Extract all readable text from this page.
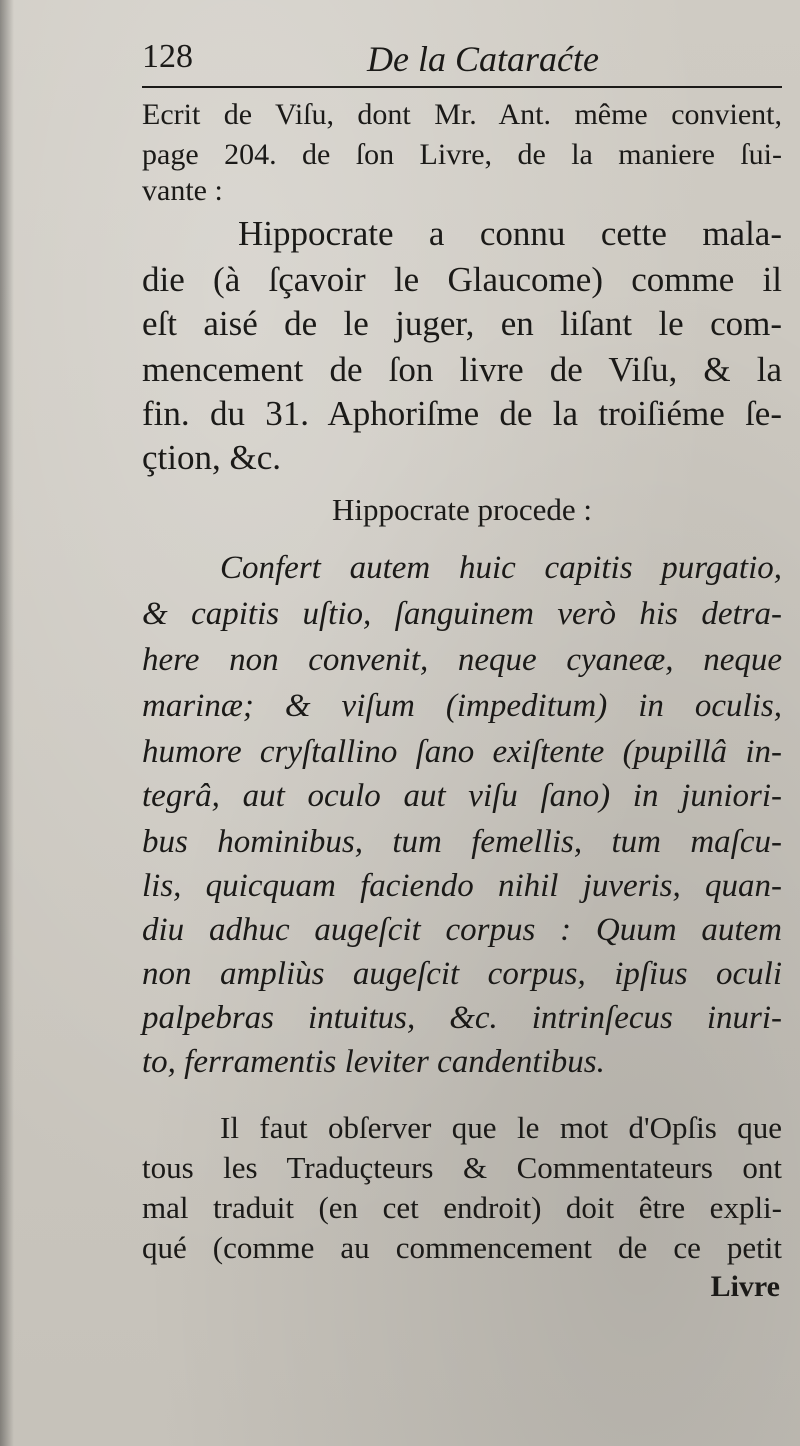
128	De la Cataraćte
Ecrit de Viſu, dont Mr. Ant. même convient,
page 204. de ſon Livre, de la maniere ſui-
vante :
Hippocrate a connu cette mala-
die (à ſçavoir le Glaucome) comme il
eſt aisé de le juger, en liſant le com-
mencement de ſon livre de Viſu, & la
fin. du 31. Aphoriſme de la troiſiéme ſe-
çtion, &c.
Hippocrate procede :
Confert autem huic capitis purgatio,
& capitis uſtio, ſanguinem verò his detra-
here non convenit, neque cyaneæ, neque
marinæ; & viſum (impeditum) in oculis,
humore cryſtallino ſano exiſtente (pupillâ in-
tegrâ, aut oculo aut viſu ſano) in juniori-
bus hominibus, tum femellis, tum maſcu-
lis, quicquam faciendo nihil juveris, quan-
diu adhuc augeſcit corpus : Quum autem
non ampliùs augeſcit corpus, ipſius oculi
palpebras intuitus, &c. intrinſecus inuri-
to, ferramentis leviter candentibus.
Il faut obſerver que le mot d'Opſis que
tous les Traduçteurs & Commentateurs ont
mal traduit (en cet endroit) doit être expli-
qué (comme au commencement de ce petit
Livre
